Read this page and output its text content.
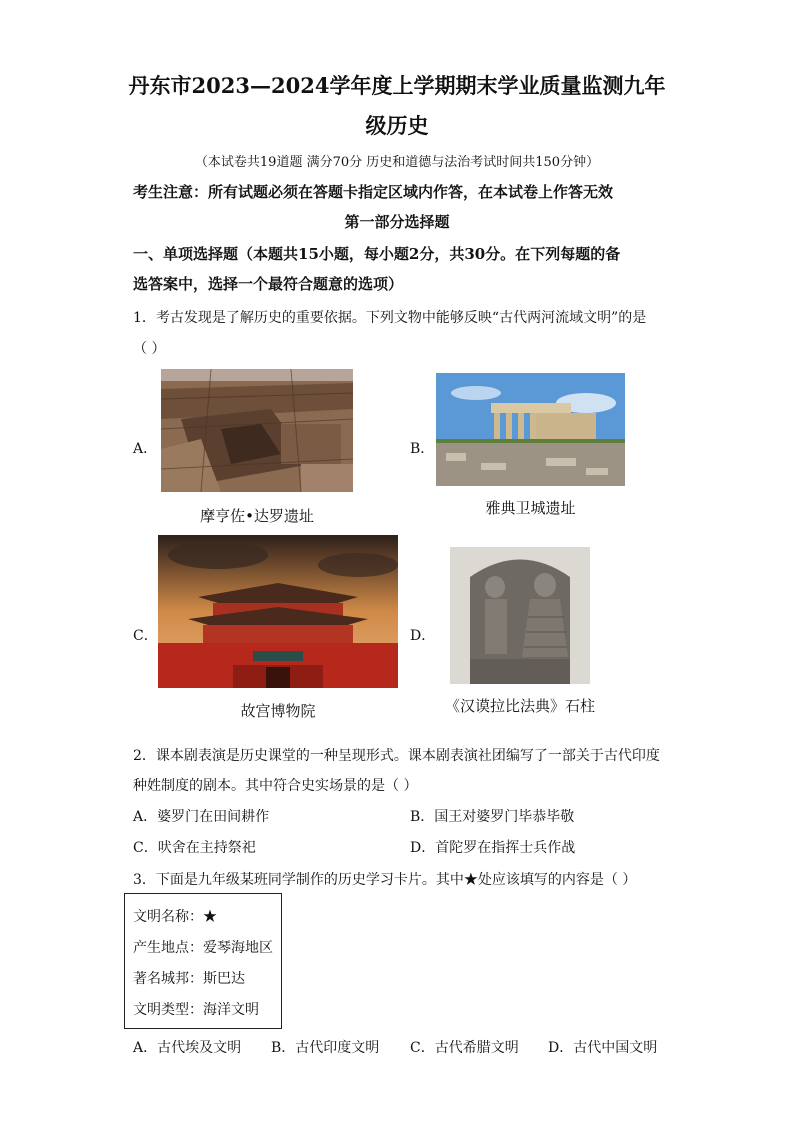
丹东市2023—2024学年度上学期期末学业质量监测九年
级历史
（本试卷共19道题 满分70分 历史和道德与法治考试时间共150分钟）
考生注意：所有试题必须在答题卡指定区域内作答，在本试卷上作答无效
第一部分选择题
一、单项选择题（本题共15小题，每小题2分，共30分。在下列每题的备
选答案中，选择一个最符合题意的选项）
1．考古发现是了解历史的重要依据。下列文物中能够反映“古代两河流域文明”的是
（ ）
A．
摩亨佐•达罗遗址
B．
雅典卫城遗址
C．
故宫博物院
D．
《汉谟拉比法典》石柱
2．课本剧表演是历史课堂的一种呈现形式。课本剧表演社团编写了一部关于古代印度
种姓制度的剧本。其中符合史实场景的是（ ）
A．婆罗门在田间耕作	B．国王对婆罗门毕恭毕敬
C．吠舍在主持祭祀	D．首陀罗在指挥士兵作战
3．下面是九年级某班同学制作的历史学习卡片。其中★处应该填写的内容是（ ）
文明名称：★
产生地点：爱琴海地区
著名城邦：斯巴达
文明类型：海洋文明
A．古代埃及文明 B．古代印度文明 C．古代希腊文明 D．古代中国文明
